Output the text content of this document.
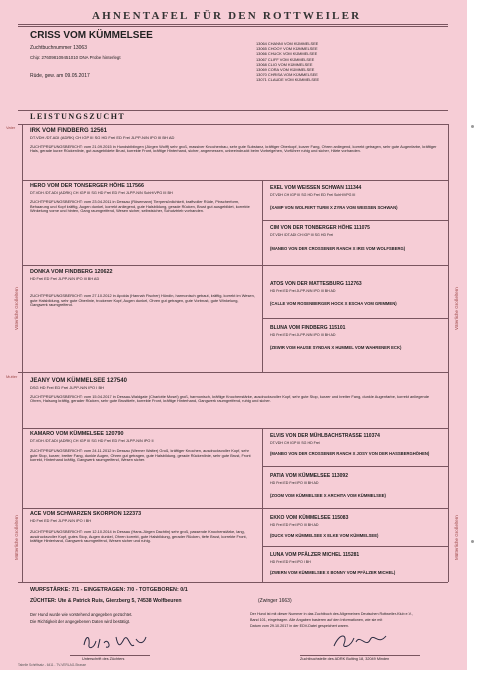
AHNENTAFEL FÜR DEN ROTTWEILER
CRISS VOM KÜMMELSEE
Zuchtbuchnummer 13063
Chip: 276098109451010 DNA Probe hinterlegt
Rüde, gew. am 09.05.2017
13064 CHANNI VOM KÜMMELSEE
13065 CHOOY VOM KÜMMELSEE
13066 CHUCK VOM KÜMMELSEE
13067 CLIFF VOM KÜMMELSEE
13068 CLIO VOM KÜMMELSEE
13069 CORA VOM KÜMMELSEE
13070 CHRISA VOM KÜMMELSEE
13071 CLAUDE VOM KÜMMELSEE
LEISTUNGSZUCHT
Vater
IRK VOM FINDBERG 12561
DT.VDH /DT.ADI (ADRK) CH IGP III SG HD Frei ED Frei JLPP-N/N IPO III BH AD
ZUCHTPRÜFUNGSBERICHT: vom 21.09.2015 in Hundsbiblingen (Jürgen Wolff) sehr groß, massiver Knochenbau, sehr gute Substanz, kräftiger Oberkopf, kurzer Fang, Ohren anliegend, korrekt getragen, sehr gute Augenfarbe, kräftiger Hals, gerade kurze Rückenlinie, gut ausgebildete Brust, korrekte Front, kräftige Hinterhand, sicher, angemessen, unbeeindruckt beim Vorbeigehen, Vorführer ruhig und sicher, Härte vorhanden.
HERO VOM DER TONSERGER HÖHE 117566
DT.VDH /DT.ADI (ADRK) CH IGP III SG HD Frei ED Frei JLPP-N/N SchH/VPG III BH
ZUCHTPRÜFUNGSBERICHT: vom 23.04.2011 in Dessau (Rösemann) Tierpersönlichkeit, kraftvoller Rüde, Pinscherform, Behaarung und Kopf kräftig, Augen dunkel, korrekt anliegend, gute Halsbildung, gerade Rücken, Brust gut ausgebildet, korrekte Winkelung vorne und hinten, Gang raumgreifend, Wesen sicher, selbstsicher, Schutztrieb vorhanden.
EXEL VOM WEISSEN SCHWAN 111344
DT.VDH CH IGP III SG HD Frei ED Frei SchH/VPG III
(XAMP VON WOLFERT TURM X ZYRA VOM WEISSEN SCHWAN)
CIM VON DER TONBERGER HÖHE 111075
DT.VDH /DT.ADI CH IGP III SG HD Frei
(MANBO VON DER CROSSENER RANCH X IRIS VOM WOLFSBERG)
DONKA VOM FINDBERG 120622
HD Frei ED Frei JLPP-N/N IPO III BH AD
ZUCHTPRÜFUNGSBERICHT: vom 27.10.2012 in Apolda (Hannah Fischer) Hündin, harmonisch gebaut, kräftig, korrekt im Wesen, gute Halsbildung, sehr gute Oberlinie, trockener Kopf, Augen dunkel, Ohren gut getragen, gute Vorbrust, gute Winkelung, Gangwerk raumgreifend.
ATOS VON DER MATTESBURG 112763
HD Frei ED Frei JLPP-N/N IPO III BH AD
(CALLE VOM ROSENBERGER HOCK X ESCHA VOM GRIMMEN)
BLUNA VOM FINDBERG 115101
HD Frei ED Frei JLPP-N/N IPO III BH AD
(ZEWIR VOM HAUSE SYNDAN X HUMMEL VOM WAHRENER ECK)
Mutter
JEANY VOM KÜMMELSEE 127540
DSG HD Frei ED Frei JLPP-N/N IPO I BH
ZUCHTPRÜFUNGSBERICHT: vom 15.04.2017 in Dessau-Waldgate (Charlotte Mosel) groß, harmonisch, kräftige Knochenstärke, ausdrucksvoller Kopf, sehr gute Stop, kurzer und breiter Fang, dunkle Augenfarbe, korrekt anliegende Ohren, Halsung kräftig, gerader Rücken, sehr gute Brusttiefe, korrekte Front, kräftige Hinterhand, Gangwerk raumgreifend, ruhig und sicher.
KAMARO VOM KÜMMELSEE 120790
DT.VDH /DT.ADI (ADRK) CH IGP III SG HD Frei ED Frei JLPP-N/N IPO II
ZUCHTPRÜFUNGSBERICHT: vom 24.11.2012 in Dessau (Werner Walter) Groß, kräftiger Knochen, ausdrucksvoller Kopf, sehr gute Stop, kurzer, breiter Fang, dunkle Augen, Ohren gut getragen, gute Halsbildung, gerade Rückenlinie, sehr gute Brust, Front korrekt, Hinterhand kräftig, Gangwerk raumgreifend, Wesen sicher.
ELVIS VON DER MÜHLBACHSTRASSE 110374
DT.VDH CH IGP III SG HD Frei
(MANBO VON DER CROSSENER RANCH X JOSY VON DER HASSBERGHÖHEN)
PATIA VOM KÜMMELSEE 113092
HD Frei ED Frei IPO III BH AD
(ZOOM VOM KÜMMELSEE X ARCHITA VOM KÜMMELSEE)
ACE VOM SCHWARZEN SKORPION 122373
HD Frei ED Frei JLPP-N/N IPO I BH
ZUCHTPRÜFUNGSBERICHT: vom 12.10.2014 in Dessau (Hans-Jürgen Dachtin) sehr groß, passende Knochenstärke, lang, ausdrucksvoller Kopf, gutes Stop, Augen dunkel, Ohren korrekt, gute Halsbildung, gerader Rücken, tiefe Brust, korrekte Front, kräftige Hinterhand, Gangwerk raumgreifend, Wesen sicher und ruhig.
EKKO VOM KÜMMELSEE 115083
HD Frei ED Frei IPO III BH AD
(DUCK VOM KÜMMELSEE X ELKE VOM KÜMMELSEE)
LUNA VOM PFÄLZER MICHEL 115281
HD Frei ED Frei IPO I BH
(ZWERN VOM KÜMMELSEE X BONNY VOM PFÄLZER MICHEL)
Väterliche Großeltern
Mütterliche Großeltern
Väterliche Großeltern
Mütterliche Großeltern
WURFSTÄRKE: 7/1 - EINGETRAGEN: 7/0 - TOTGEBOREN: 0/1
ZÜCHTER: Ute & Patrick Ruis, Gierzberg 5, 74538 Wolfbeuren	(Zwinger 1663)
Der Hund wurde wie vorstehend angegeben gezüchtet.
Die Richtigkeit der angegebenen Daten wird bestätigt.
Der Hund ist mit dieser Nummer in das Zuchtbuch des Allgemeinen Deutschen Rottweiler-Klub e.V.,
Band 101, eingetragen. Alle Angaben basieren auf den Informationen, wie sie mit
Datum vom 29.10.2017 in der EDV-Datei gespeichert waren.
Unterschrift des Züchters	Zuchtbuchstelle des ADRK Bulting 18, 32049 Minden
Tabelle Schriftsatz - 6411 - TV-VERLAG-Strasse
